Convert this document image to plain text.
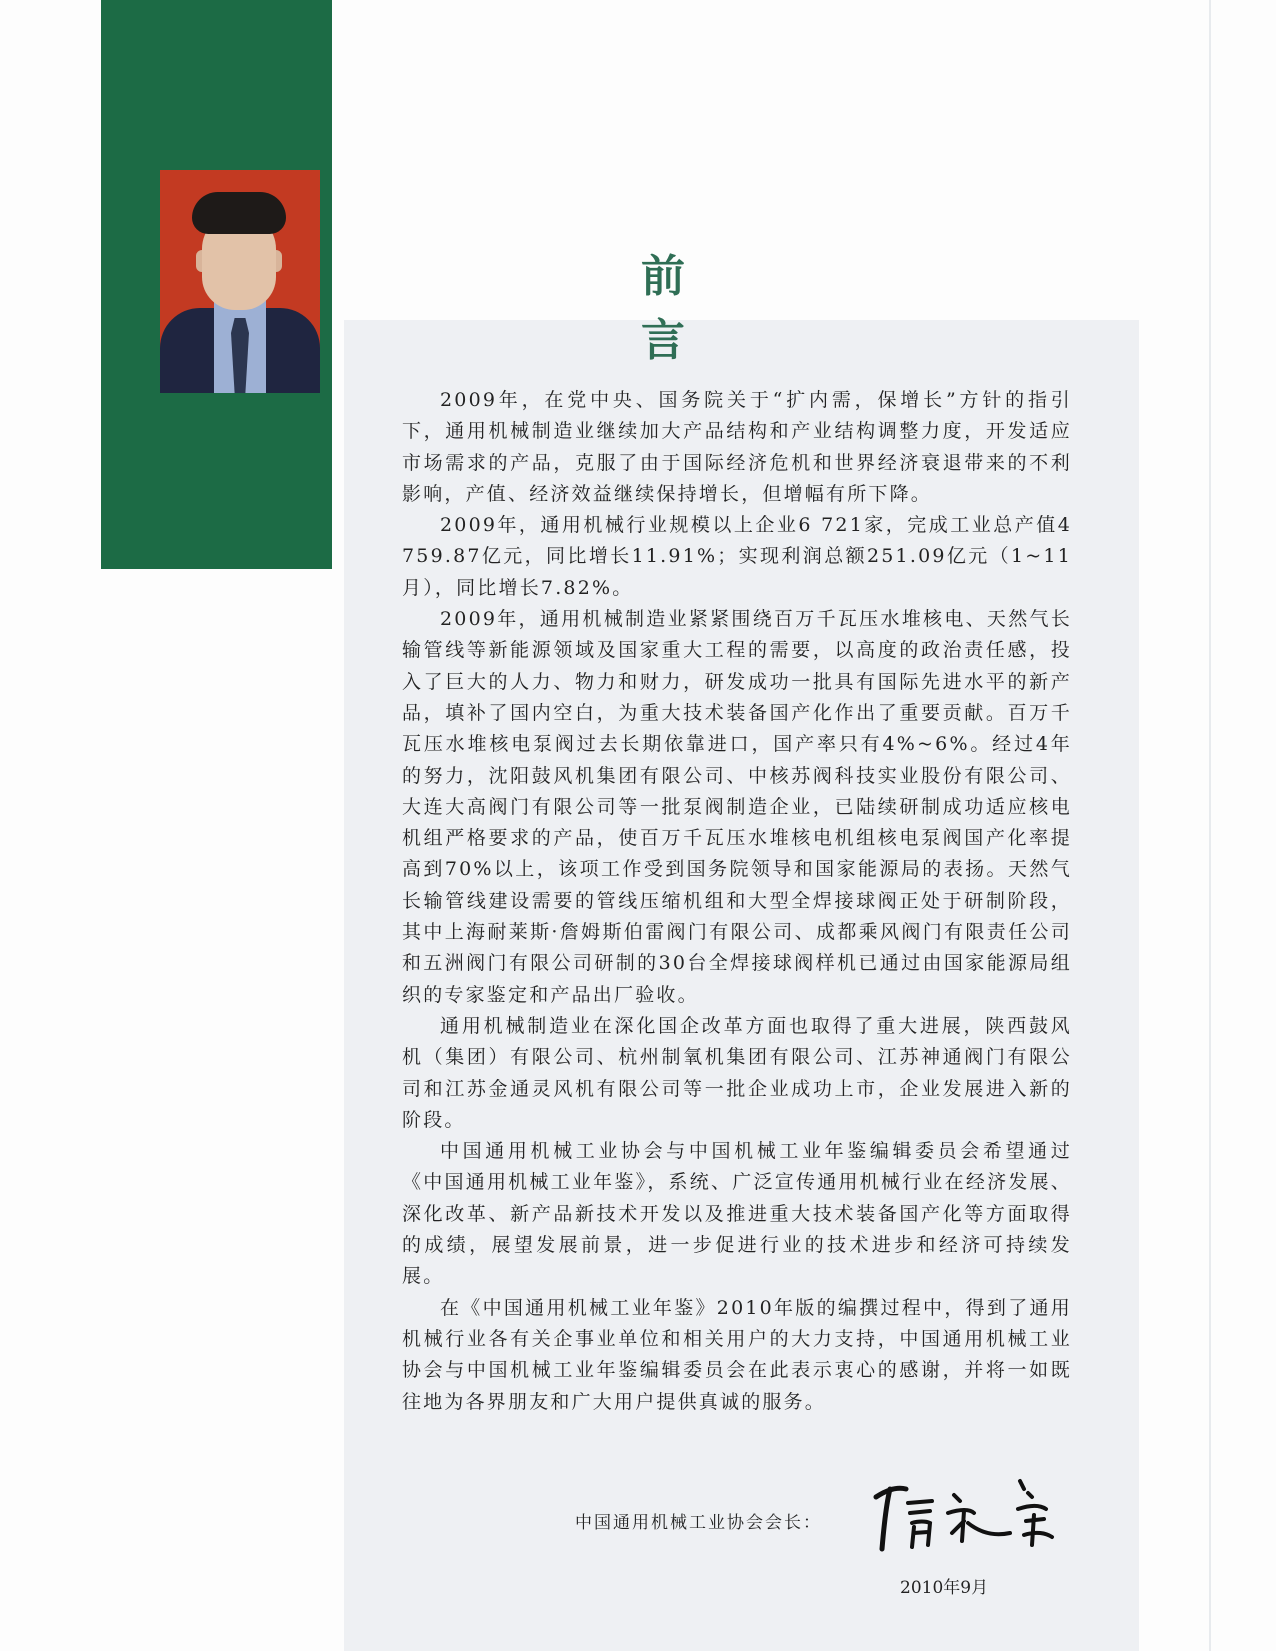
前言

2009年，在党中央、国务院关于“扩内需，保增长”方针的指引下，通用机械制造业继续加大产品结构和产业结构调整力度，开发适应市场需求的产品，克服了由于国际经济危机和世界经济衰退带来的不利影响，产值、经济效益继续保持增长，但增幅有所下降。

2009年，通用机械行业规模以上企业6 721家，完成工业总产值4 759.87亿元，同比增长11.91%；实现利润总额251.09亿元（1~11月），同比增长7.82%。

2009年，通用机械制造业紧紧围绕百万千瓦压水堆核电、天然气长输管线等新能源领域及国家重大工程的需要，以高度的政治责任感，投入了巨大的人力、物力和财力，研发成功一批具有国际先进水平的新产品，填补了国内空白，为重大技术装备国产化作出了重要贡献。百万千瓦压水堆核电泵阀过去长期依靠进口，国产率只有4%~6%。经过4年的努力，沈阳鼓风机集团有限公司、中核苏阀科技实业股份有限公司、大连大高阀门有限公司等一批泵阀制造企业，已陆续研制成功适应核电机组严格要求的产品，使百万千瓦压水堆核电机组核电泵阀国产化率提高到70%以上，该项工作受到国务院领导和国家能源局的表扬。天然气长输管线建设需要的管线压缩机组和大型全焊接球阀正处于研制阶段，其中上海耐莱斯·詹姆斯伯雷阀门有限公司、成都乘风阀门有限责任公司和五洲阀门有限公司研制的30台全焊接球阀样机已通过由国家能源局组织的专家鉴定和产品出厂验收。

通用机械制造业在深化国企改革方面也取得了重大进展，陕西鼓风机（集团）有限公司、杭州制氧机集团有限公司、江苏神通阀门有限公司和江苏金通灵风机有限公司等一批企业成功上市，企业发展进入新的阶段。

中国通用机械工业协会与中国机械工业年鉴编辑委员会希望通过《中国通用机械工业年鉴》，系统、广泛宣传通用机械行业在经济发展、深化改革、新产品新技术开发以及推进重大技术装备国产化等方面取得的成绩，展望发展前景，进一步促进行业的技术进步和经济可持续发展。

在《中国通用机械工业年鉴》2010年版的编撰过程中，得到了通用机械行业各有关企事业单位和相关用户的大力支持，中国通用机械工业协会与中国机械工业年鉴编辑委员会在此表示衷心的感谢，并将一如既往地为各界朋友和广大用户提供真诚的服务。

中国通用机械工业协会会长：
2010年9月
